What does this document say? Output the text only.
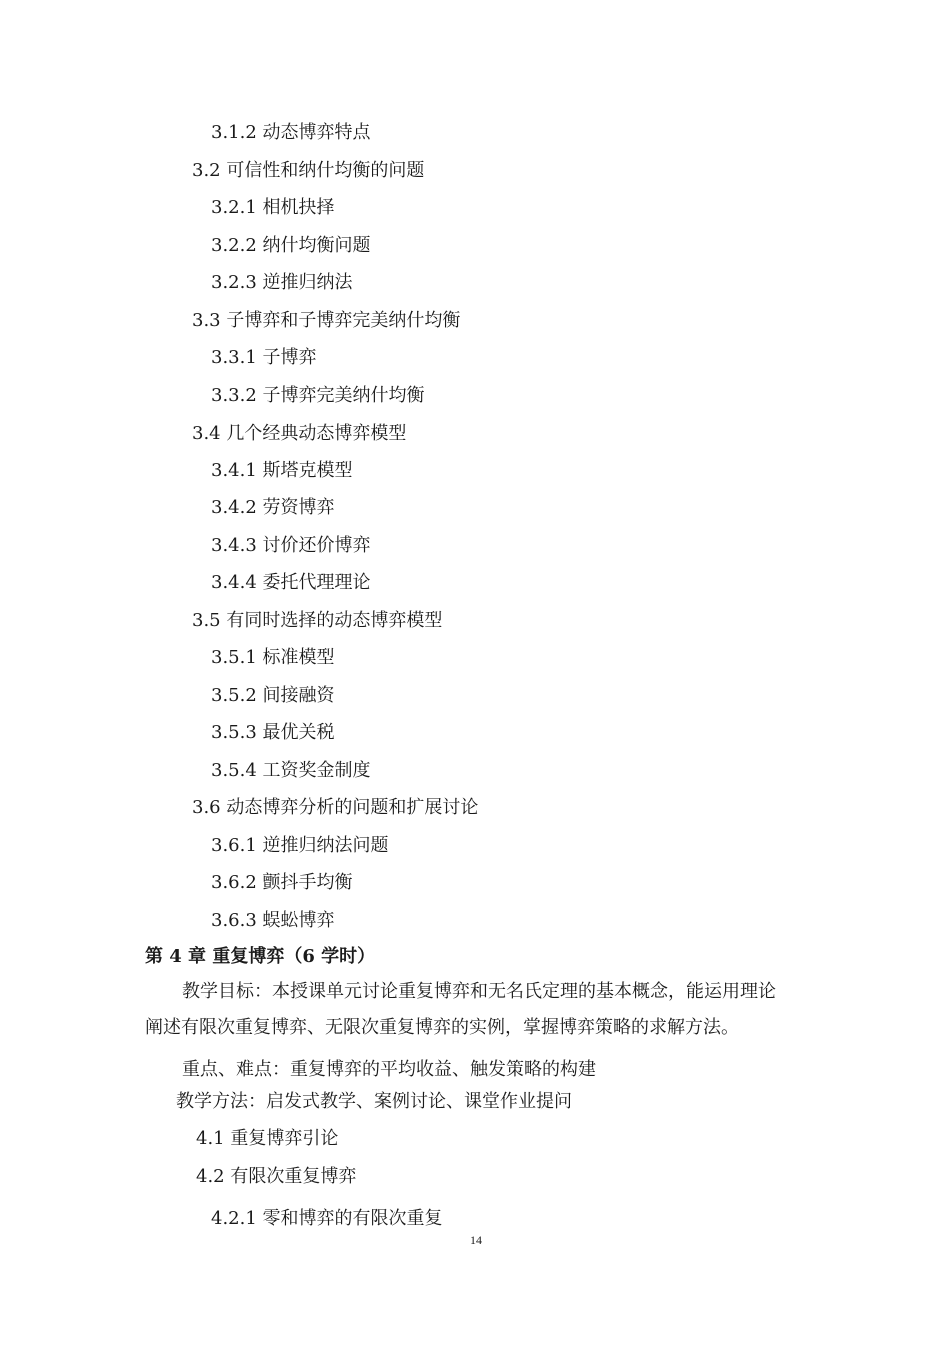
3.1.2 动态博弈特点
3.2 可信性和纳什均衡的问题
3.2.1 相机抉择
3.2.2 纳什均衡问题
3.2.3 逆推归纳法
3.3 子博弈和子博弈完美纳什均衡
3.3.1 子博弈
3.3.2 子博弈完美纳什均衡
3.4 几个经典动态博弈模型
3.4.1 斯塔克模型
3.4.2 劳资博弈
3.4.3 讨价还价博弈
3.4.4 委托代理理论
3.5 有同时选择的动态博弈模型
3.5.1 标准模型
3.5.2 间接融资
3.5.3 最优关税
3.5.4 工资奖金制度
3.6 动态博弈分析的问题和扩展讨论
3.6.1 逆推归纳法问题
3.6.2 颤抖手均衡
3.6.3 蜈蚣博弈
第 4 章 重复博弈（6 学时）
教学目标：本授课单元讨论重复博弈和无名氏定理的基本概念，能运用理论
阐述有限次重复博弈、无限次重复博弈的实例，掌握博弈策略的求解方法。
重点、难点：重复博弈的平均收益、触发策略的构建
教学方法：启发式教学、案例讨论、课堂作业提问
4.1 重复博弈引论
4.2 有限次重复博弈
4.2.1 零和博弈的有限次重复
14
